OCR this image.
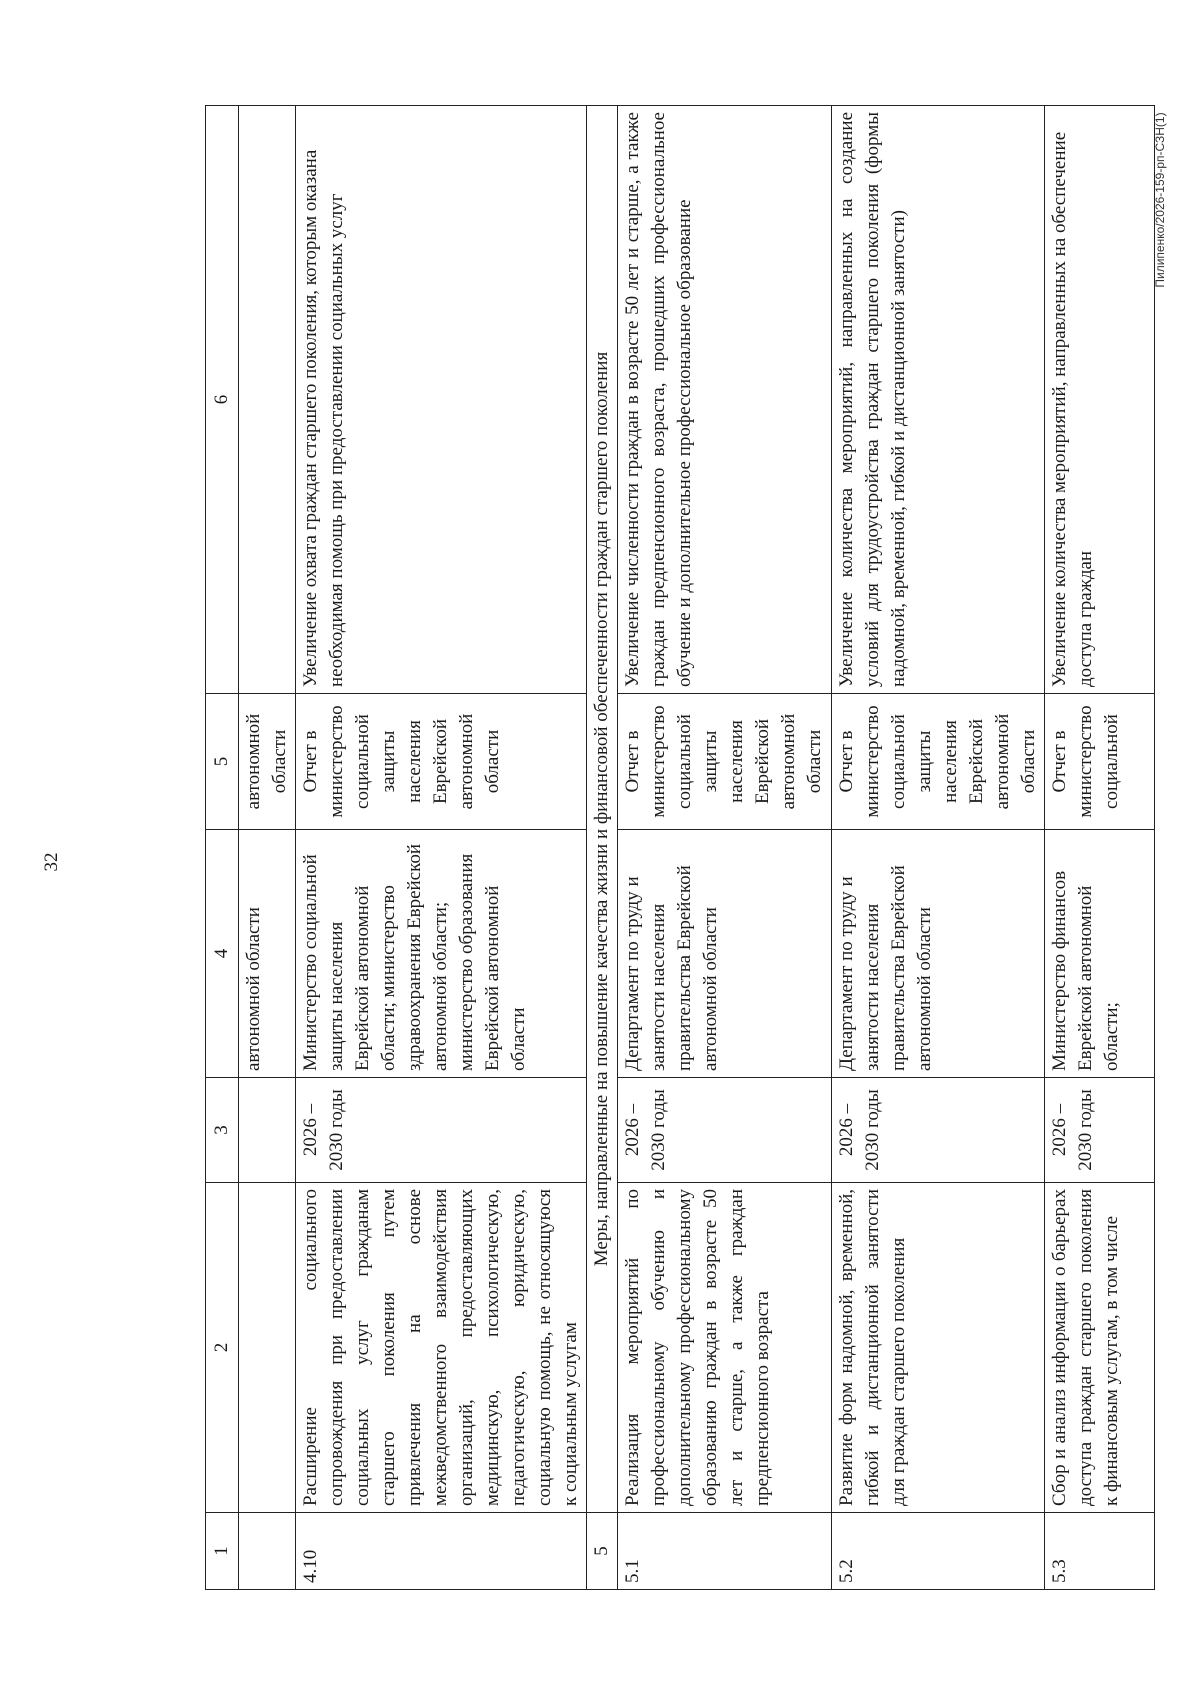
32
Пилипенко/2026-159-рп-СЗН(1)
1	2	3	4	5	6
			автономной области	автономной области	
4.10	Расширение социального сопровождения при предоставлении социальных услуг гражданам старшего поколения путем привлечения на основе межведомственного взаимодействия организаций, предоставляющих медицинскую, психологическую, педагогическую, юридическую, социальную помощь, не относящуюся к социальным услугам	2026 – 2030 годы	Министерство социальной защиты населения Еврейской автономной области; министерство здравоохранения Еврейской автономной области; министерство образования Еврейской автономной области	Отчет в министерство социальной защиты населения Еврейской автономной области	Увеличение охвата граждан старшего поколения, которым оказана необходимая помощь при предоставлении социальных услуг
5	Меры, направленные на повышение качества жизни и финансовой обеспеченности граждан старшего поколения				
5.1	Реализация мероприятий по профессиональному обучению и дополнительному профессиональному образованию граждан в возрасте 50 лет и старше, а также граждан предпенсионного возраста	2026 – 2030 годы	Департамент по труду и занятости населения правительства Еврейской автономной области	Отчет в министерство социальной защиты населения Еврейской автономной области	Увеличение численности граждан в возрасте 50 лет и старше, а также граждан предпенсионного возраста, прошедших профессиональное обучение и дополнительное профессиональное образование
5.2	Развитие форм надомной, временной, гибкой и дистанционной занятости для граждан старшего поколения	2026 – 2030 годы	Департамент по труду и занятости населения правительства Еврейской автономной области	Отчет в министерство социальной защиты населения Еврейской автономной области	Увеличение количества мероприятий, направленных на создание условий для трудоустройства граждан старшего поколения (формы надомной, временной, гибкой и дистанционной занятости)
5.3	Сбор и анализ информации о барьерах доступа граждан старшего поколения к финансовым услугам, в том числе	2026 – 2030 годы	Министерство финансов Еврейской автономной области;	Отчет в министерство социальной	Увеличение количества мероприятий, направленных на обеспечение доступа граждан
